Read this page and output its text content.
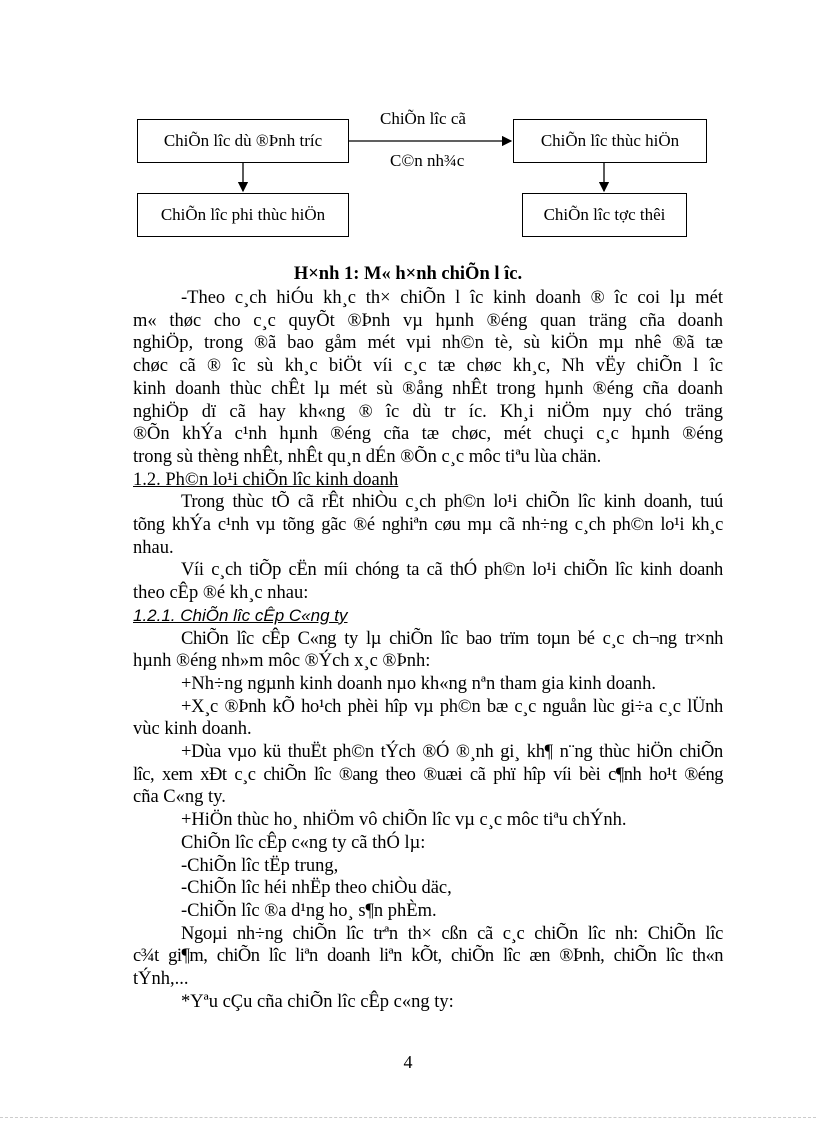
ChiÕn lîc dù ®Þnh tríc	ChiÕn lîc thùc hiÖn
ChiÕn lîc phi thùc hiÖn	ChiÕn lîc tợc thêi
ChiÕn lîc cã
C©n nh¾c
H×nh 1: M« h×nh chiÕn l îc.
-Theo c¸ch hiÓu kh¸c th× chiÕn l îc kinh doanh ® îc coi lµ mét
m« thøc cho c¸c quyÕt ®Þnh vµ hµnh ®éng quan träng cña doanh
nghiÖp, trong ®ã bao gåm mét vµi nh©n tè, sù kiÖn mµ nhê ®ã tæ
chøc cã ® îc sù kh¸c biÖt víi c¸c tæ chøc kh¸c, Nh vËy chiÕn l îc
kinh doanh thùc chÊt lµ mét sù ®ång nhÊt trong hµnh ®éng cña doanh
nghiÖp dï cã hay kh«ng ® îc dù tr íc. Kh¸i niÖm nµy chó träng
®Õn khÝa c¹nh hµnh ®éng cña tæ chøc, mét chuçi c¸c hµnh ®éng
trong sù thèng nhÊt, nhÊt qu¸n dÉn ®Õn c¸c môc tiªu lùa chän.
1.2. Ph©n lo¹i chiÕn lîc kinh doanh
Trong thùc tÕ cã rÊt nhiÒu c¸ch ph©n lo¹i chiÕn lîc kinh doanh, tuú
tõng khÝa c¹nh vµ tõng gãc ®é nghiªn cøu mµ cã nh÷ng c¸ch ph©n lo¹i kh¸c
nhau.
Víi c¸ch tiÕp cËn míi chóng ta cã thÓ ph©n lo¹i chiÕn lîc kinh doanh
theo cÊp ®é kh¸c nhau:
1.2.1. ChiÕn lîc cÊp C«ng ty
ChiÕn lîc cÊp C«ng ty lµ chiÕn lîc bao trïm toµn bé c¸c ch¬ng tr×nh
hµnh ®éng nh»m môc ®Ých x¸c ®Þnh:
+Nh÷ng ngµnh kinh doanh nµo kh«ng nªn tham gia kinh doanh.
+X¸c ®Þnh kÕ ho¹ch phèi hîp vµ ph©n bæ c¸c nguån lùc gi÷a c¸c lÜnh
vùc kinh doanh.
+Dùa vµo kü thuËt ph©n tÝch ®Ó ®¸nh gi¸ kh¶ n¨ng thùc hiÖn chiÕn
lîc, xem xÐt c¸c chiÕn lîc ®ang theo ®uæi cã phï hîp víi bèi c¶nh ho¹t ®éng
cña C«ng ty.
+HiÖn thùc ho¸ nhiÖm vô chiÕn lîc vµ c¸c môc tiªu chÝnh.
ChiÕn lîc cÊp c«ng ty cã thÓ lµ:
-ChiÕn lîc tËp trung,
-ChiÕn lîc héi nhËp theo chiÒu däc,
-ChiÕn lîc ®a d¹ng ho¸ s¶n phÈm.
Ngoµi nh÷ng chiÕn lîc trªn th× cßn cã c¸c chiÕn lîc nh: ChiÕn lîc
c¾t gi¶m, chiÕn lîc liªn doanh liªn kÕt, chiÕn lîc æn ®Þnh, chiÕn lîc th«n
tÝnh,...
*Yªu cÇu cña chiÕn lîc cÊp c«ng ty:
4
